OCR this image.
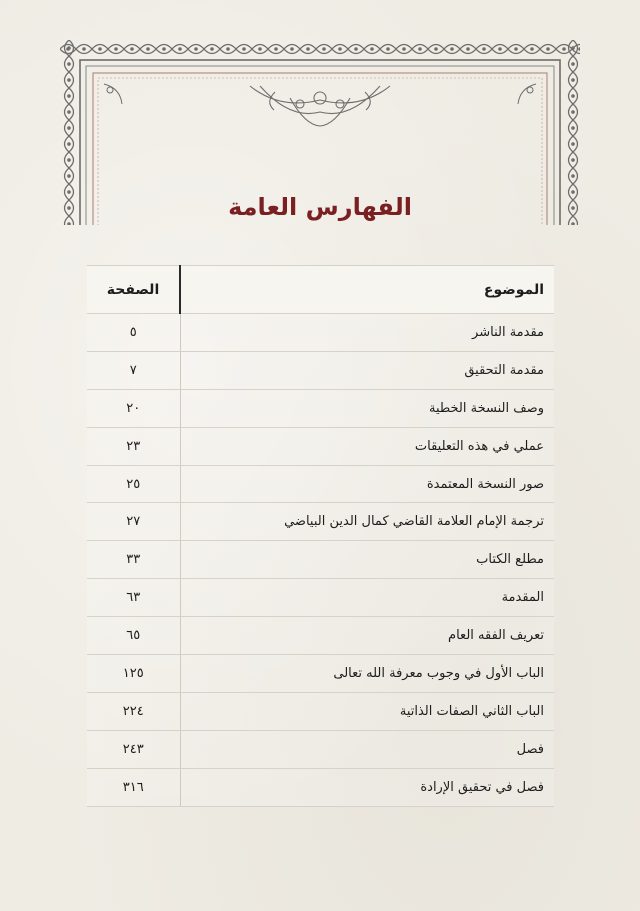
الفهارس العامة
الموضوع	الصفحة
مقدمة الناشر	٥
مقدمة التحقيق	٧
وصف النسخة الخطية	٢٠
عملي في هذه التعليقات	٢٣
صور النسخة المعتمدة	٢٥
ترجمة الإمام العلامة القاضي كمال الدين البياضي	٢٧
مطلع الكتاب	٣٣
المقدمة	٦٣
تعريف الفقه العام	٦٥
الباب الأول في وجوب معرفة الله تعالى	١٢٥
الباب الثاني الصفات الذاتية	٢٢٤
فصل	٢٤٣
فصل في تحقيق الإرادة	٣١٦
